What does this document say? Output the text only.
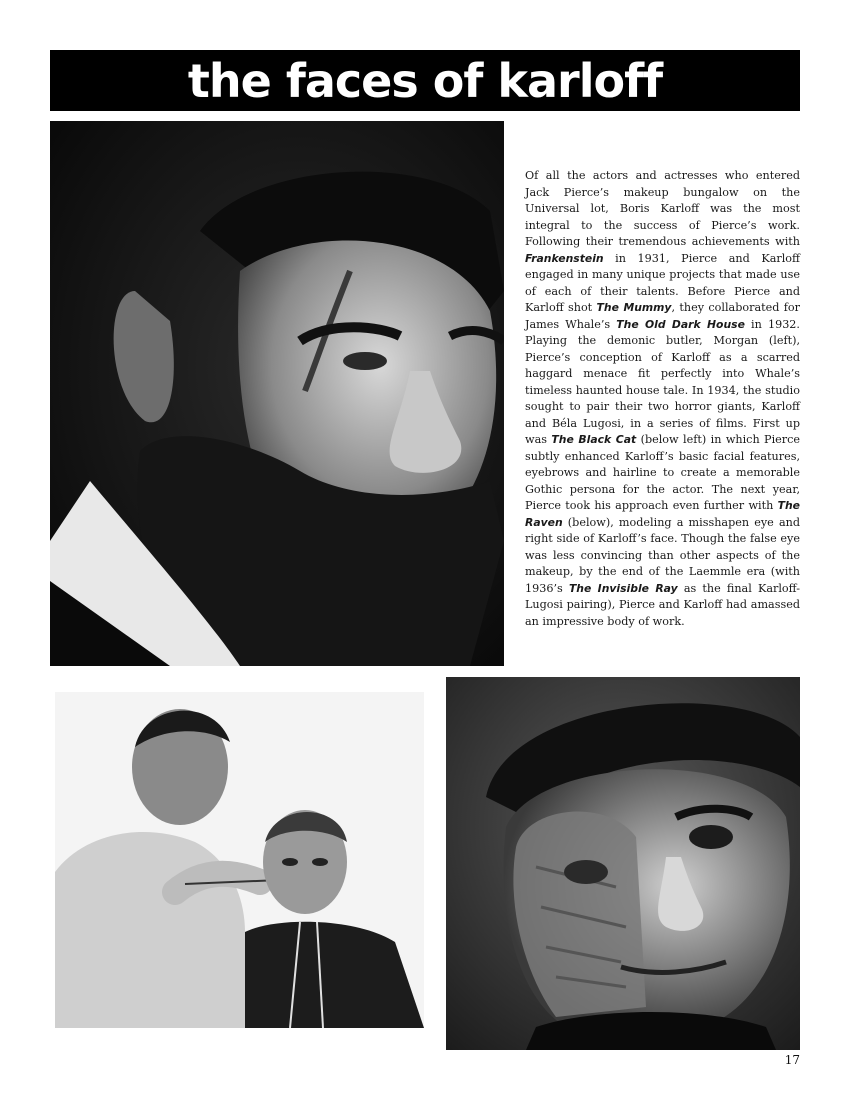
the faces of karloff
Of all the actors and actresses who entered Jack Pierce’s makeup bungalow on the Universal lot, Boris Karloff was the most integral to the success of Pierce’s work. Following their tremendous achievements with Frankenstein in 1931, Pierce and Karloff engaged in many unique projects that made use of each of their talents. Before Pierce and Karloff shot The Mummy, they collaborated for James Whale’s The Old Dark House in 1932. Playing the demonic butler, Morgan (left), Pierce’s conception of Karloff as a scarred haggard menace fit perfectly into Whale’s timeless haunted house tale. In 1934, the studio sought to pair their two horror giants, Karloff and Béla Lugosi, in a series of films. First up was The Black Cat (below left) in which Pierce subtly enhanced Karloff’s basic facial features, eyebrows and hairline to create a memorable Gothic persona for the actor. The next year, Pierce took his approach even further with The Raven (below), modeling a misshapen eye and right side of Karloff’s face. Though the false eye was less convincing than other aspects of the makeup, by the end of the Laemmle era (with 1936’s The Invisible Ray as the final Karloff-Lugosi pairing), Pierce and Karloff had amassed an impressive body of work.
17
